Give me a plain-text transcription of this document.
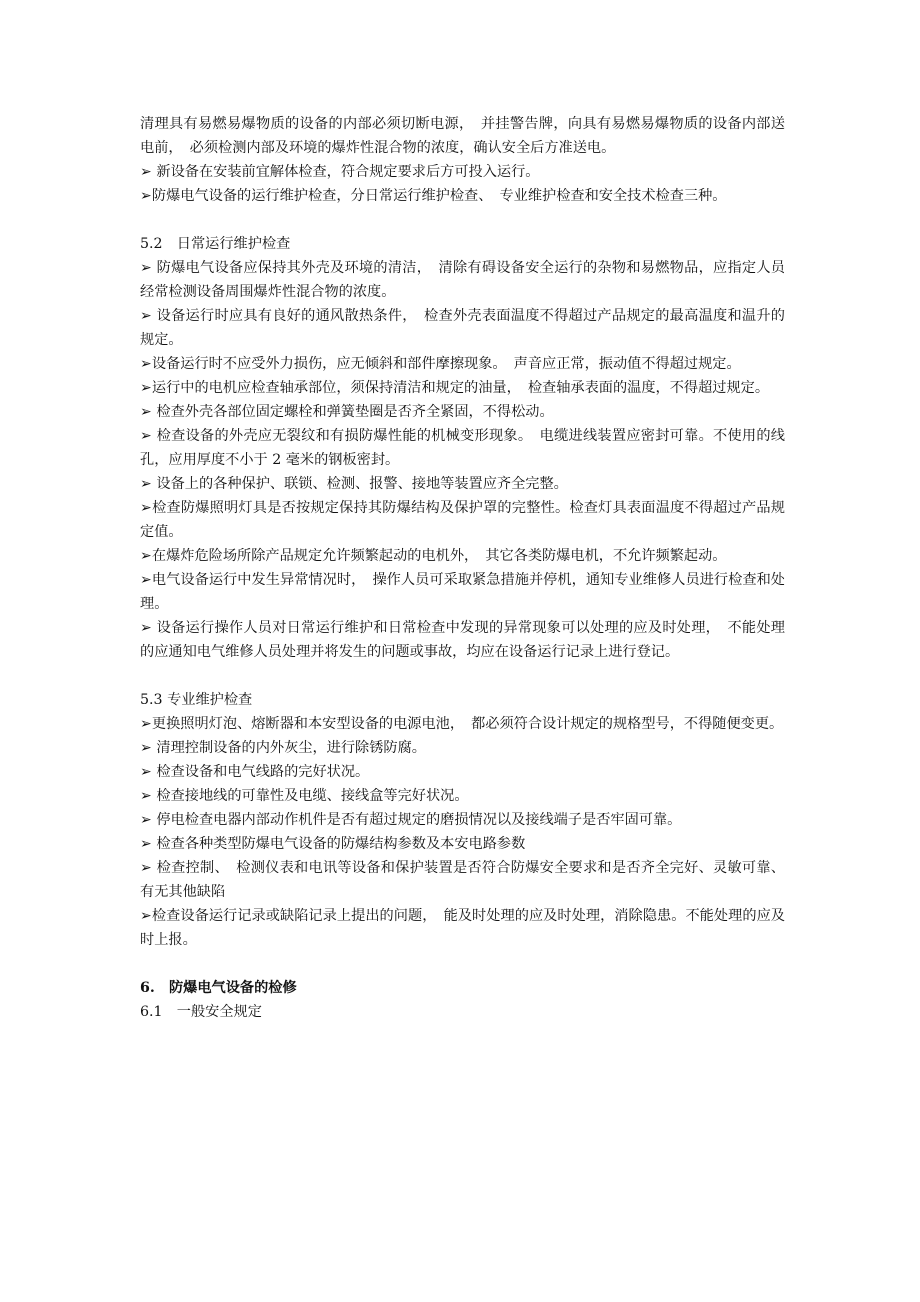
清理具有易燃易爆物质的设备的内部必须切断电源，　并挂警告牌，向具有易燃易爆物质的设备内部送电前，　必须检测内部及环境的爆炸性混合物的浓度，确认安全后方准送电。

➢ 新设备在安装前宜解体检查，符合规定要求后方可投入运行。

➢防爆电气设备的运行维护检查，分日常运行维护检查、　专业维护检查和安全技术检查三种。

5.2　日常运行维护检查

➢ 防爆电气设备应保持其外壳及环境的清洁，　清除有碍设备安全运行的杂物和易燃物品，应指定人员经常检测设备周围爆炸性混合物的浓度。

➢ 设备运行时应具有良好的通风散热条件，　检查外壳表面温度不得超过产品规定的最高温度和温升的规定。

➢设备运行时不应受外力损伤，应无倾斜和部件摩擦现象。　声音应正常，振动值不得超过规定。

➢运行中的电机应检查轴承部位，须保持清洁和规定的油量，　检查轴承表面的温度，不得超过规定。

➢ 检查外壳各部位固定螺栓和弹簧垫圈是否齐全紧固，不得松动。

➢ 检查设备的外壳应无裂纹和有损防爆性能的机械变形现象。　电缆进线装置应密封可靠。不使用的线孔，应用厚度不小于 2 毫米的钢板密封。

➢ 设备上的各种保护、联锁、检测、报警、接地等装置应齐全完整。

➢检查防爆照明灯具是否按规定保持其防爆结构及保护罩的完整性。检查灯具表面温度不得超过产品规定值。

➢在爆炸危险场所除产品规定允许频繁起动的电机外，　其它各类防爆电机，不允许频繁起动。

➢电气设备运行中发生异常情况时，　操作人员可采取紧急措施并停机，通知专业维修人员进行检查和处理。

➢ 设备运行操作人员对日常运行维护和日常检查中发现的异常现象可以处理的应及时处理，　不能处理的应通知电气维修人员处理并将发生的问题或事故，均应在设备运行记录上进行登记。

5.3 专业维护检查

➢更换照明灯泡、熔断器和本安型设备的电源电池，　都必须符合设计规定的规格型号，不得随便变更。

➢ 清理控制设备的内外灰尘，进行除锈防腐。

➢ 检查设备和电气线路的完好状况。

➢ 检查接地线的可靠性及电缆、接线盒等完好状况。

➢ 停电检查电器内部动作机件是否有超过规定的磨损情况以及接线端子是否牢固可靠。

➢ 检查各种类型防爆电气设备的防爆结构参数及本安电路参数

➢ 检查控制、　检测仪表和电讯等设备和保护装置是否符合防爆安全要求和是否齐全完好、灵敏可靠、有无其他缺陷

➢检查设备运行记录或缺陷记录上提出的问题，　能及时处理的应及时处理，消除隐患。不能处理的应及时上报。

6.　防爆电气设备的检修

6.1　一般安全规定
